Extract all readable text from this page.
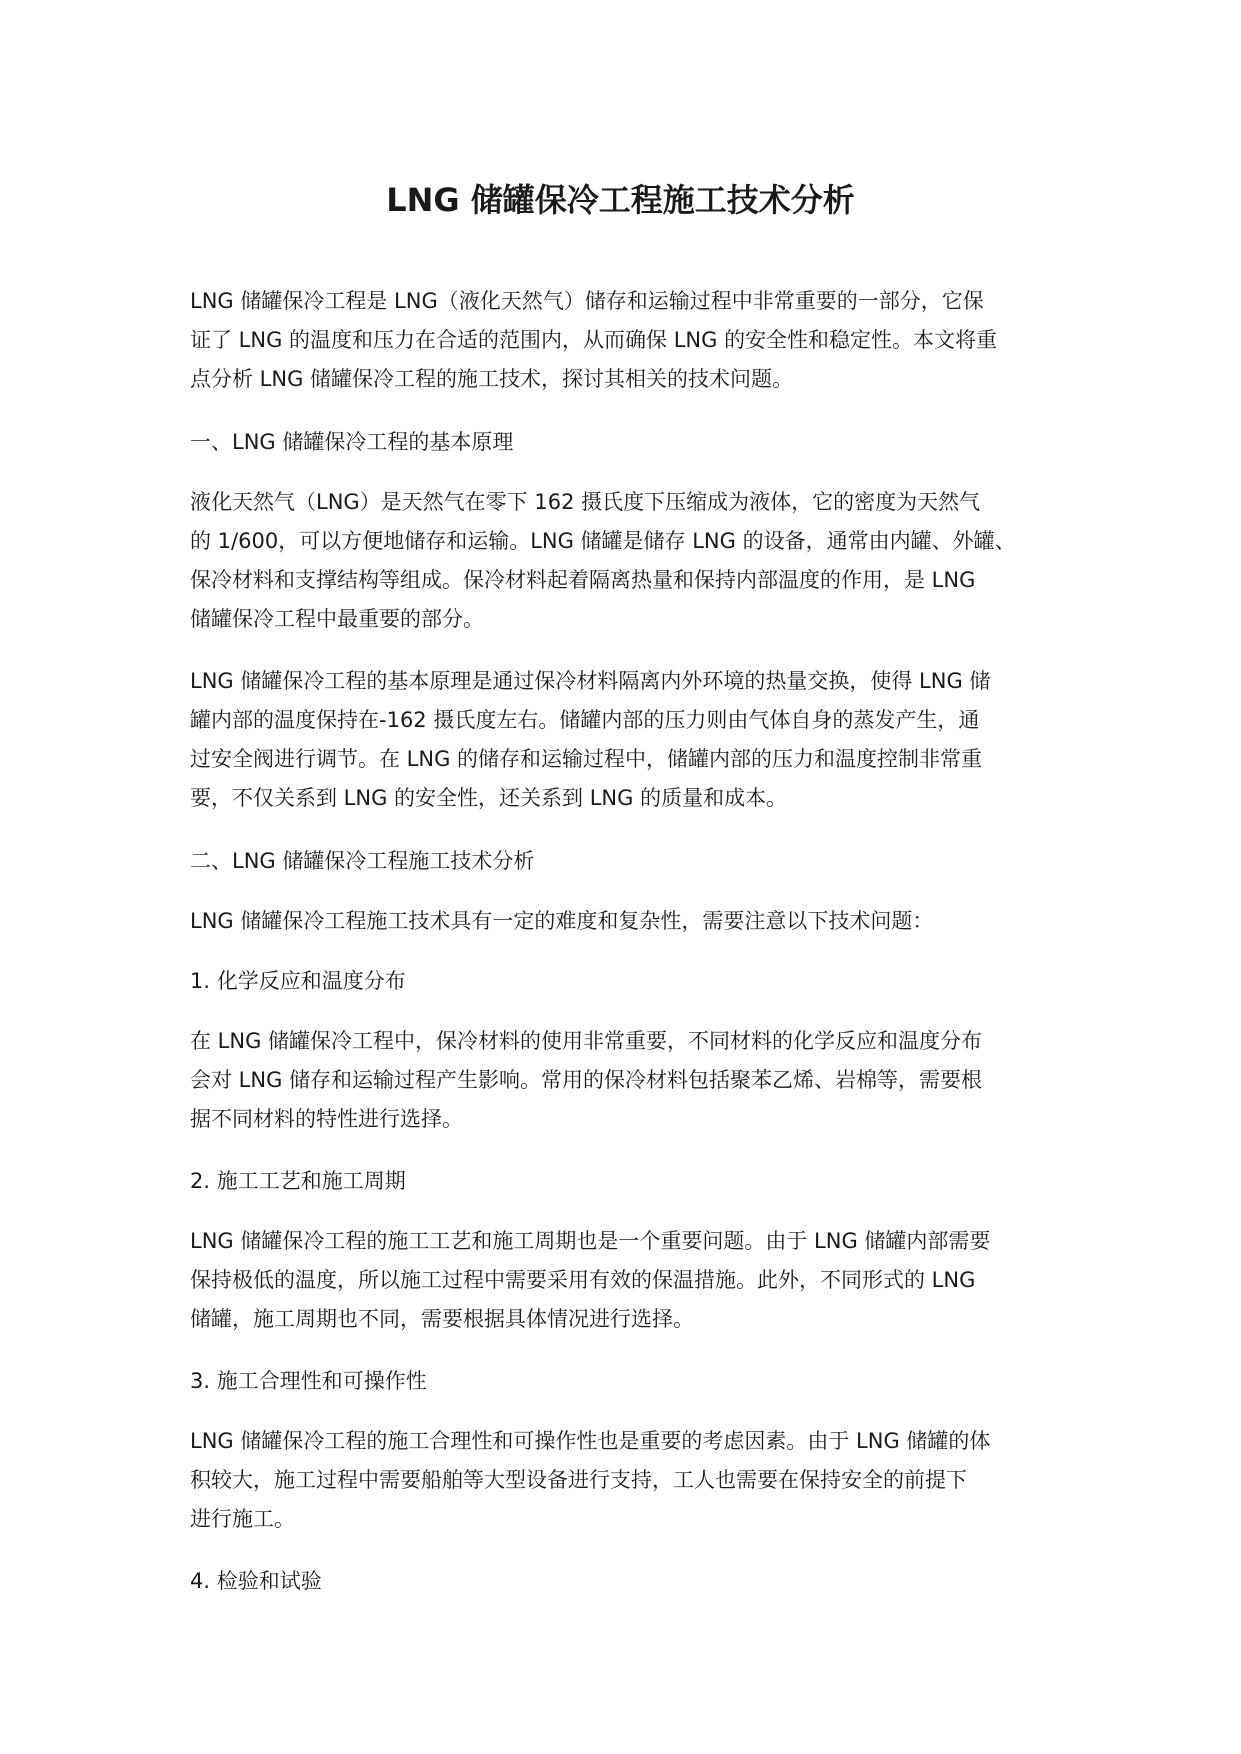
LNG 储罐保冷工程施工技术分析
LNG 储罐保冷工程是 LNG（液化天然气）储存和运输过程中非常重要的一部分，它保
证了 LNG 的温度和压力在合适的范围内，从而确保 LNG 的安全性和稳定性。本文将重
点分析 LNG 储罐保冷工程的施工技术，探讨其相关的技术问题。
一、LNG 储罐保冷工程的基本原理
液化天然气（LNG）是天然气在零下 162 摄氏度下压缩成为液体，它的密度为天然气
的 1/600，可以方便地储存和运输。LNG 储罐是储存 LNG 的设备，通常由内罐、外罐、
保冷材料和支撑结构等组成。保冷材料起着隔离热量和保持内部温度的作用，是 LNG
储罐保冷工程中最重要的部分。
LNG 储罐保冷工程的基本原理是通过保冷材料隔离内外环境的热量交换，使得 LNG 储
罐内部的温度保持在-162 摄氏度左右。储罐内部的压力则由气体自身的蒸发产生，通
过安全阀进行调节。在 LNG 的储存和运输过程中，储罐内部的压力和温度控制非常重
要，不仅关系到 LNG 的安全性，还关系到 LNG 的质量和成本。
二、LNG 储罐保冷工程施工技术分析
LNG 储罐保冷工程施工技术具有一定的难度和复杂性，需要注意以下技术问题：
1. 化学反应和温度分布
在 LNG 储罐保冷工程中，保冷材料的使用非常重要，不同材料的化学反应和温度分布
会对 LNG 储存和运输过程产生影响。常用的保冷材料包括聚苯乙烯、岩棉等，需要根
据不同材料的特性进行选择。
2. 施工工艺和施工周期
LNG 储罐保冷工程的施工工艺和施工周期也是一个重要问题。由于 LNG 储罐内部需要
保持极低的温度，所以施工过程中需要采用有效的保温措施。此外，不同形式的 LNG
储罐，施工周期也不同，需要根据具体情况进行选择。
3. 施工合理性和可操作性
LNG 储罐保冷工程的施工合理性和可操作性也是重要的考虑因素。由于 LNG 储罐的体
积较大，施工过程中需要船舶等大型设备进行支持，工人也需要在保持安全的前提下
进行施工。
4. 检验和试验
